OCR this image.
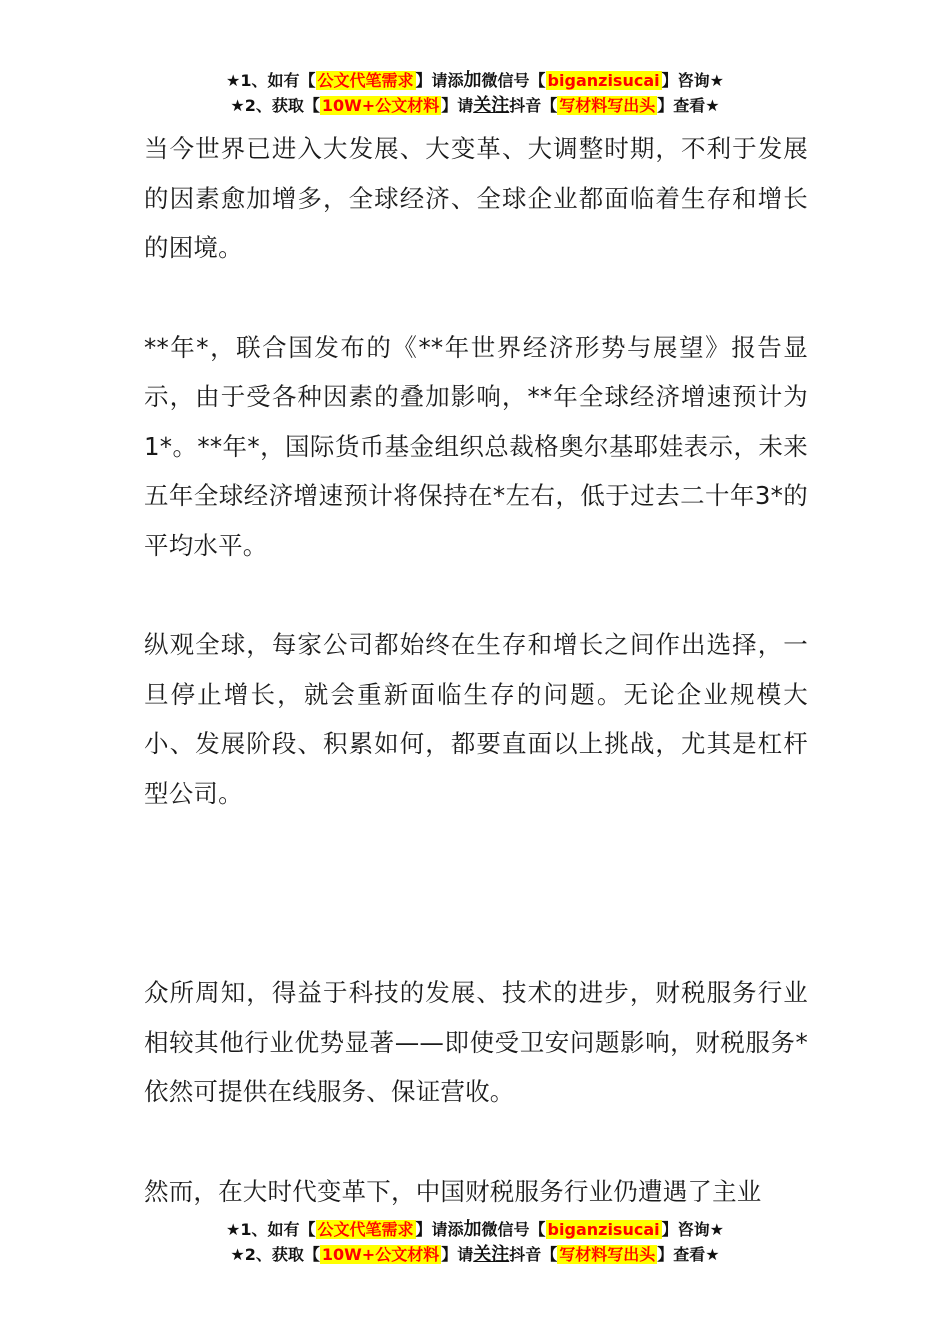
★1、如有【 公文代笔需求 】请添加微信号【 biganzisucai 】咨询★
★2、获取【 10W+公文材料 】请关注抖音【 写材料写出头 】查看★

当今世界已进入大发展、大变革、大调整时期，不利于发展的因素愈加增多，全球经济、全球企业都面临着生存和增长的困境。

**年*，联合国发布的《**年世界经济形势与展望》报告显示，由于受各种因素的叠加影响，**年全球经济增速预计为1*。**年*，国际货币基金组织总裁格奥尔基耶娃表示，未来五年全球经济增速预计将保持在*左右，低于过去二十年3*的平均水平。

纵观全球，每家公司都始终在生存和增长之间作出选择，一旦停止增长，就会重新面临生存的问题。无论企业规模大小、发展阶段、积累如何，都要直面以上挑战，尤其是杠杆型公司。

众所周知，得益于科技的发展、技术的进步，财税服务行业相较其他行业优势显著——即使受卫安问题影响，财税服务*依然可提供在线服务、保证营收。

然而，在大时代变革下，中国财税服务行业仍遭遇了主业

★1、如有【 公文代笔需求 】请添加微信号【 biganzisucai 】咨询★
★2、获取【 10W+公文材料 】请关注抖音【 写材料写出头 】查看★
